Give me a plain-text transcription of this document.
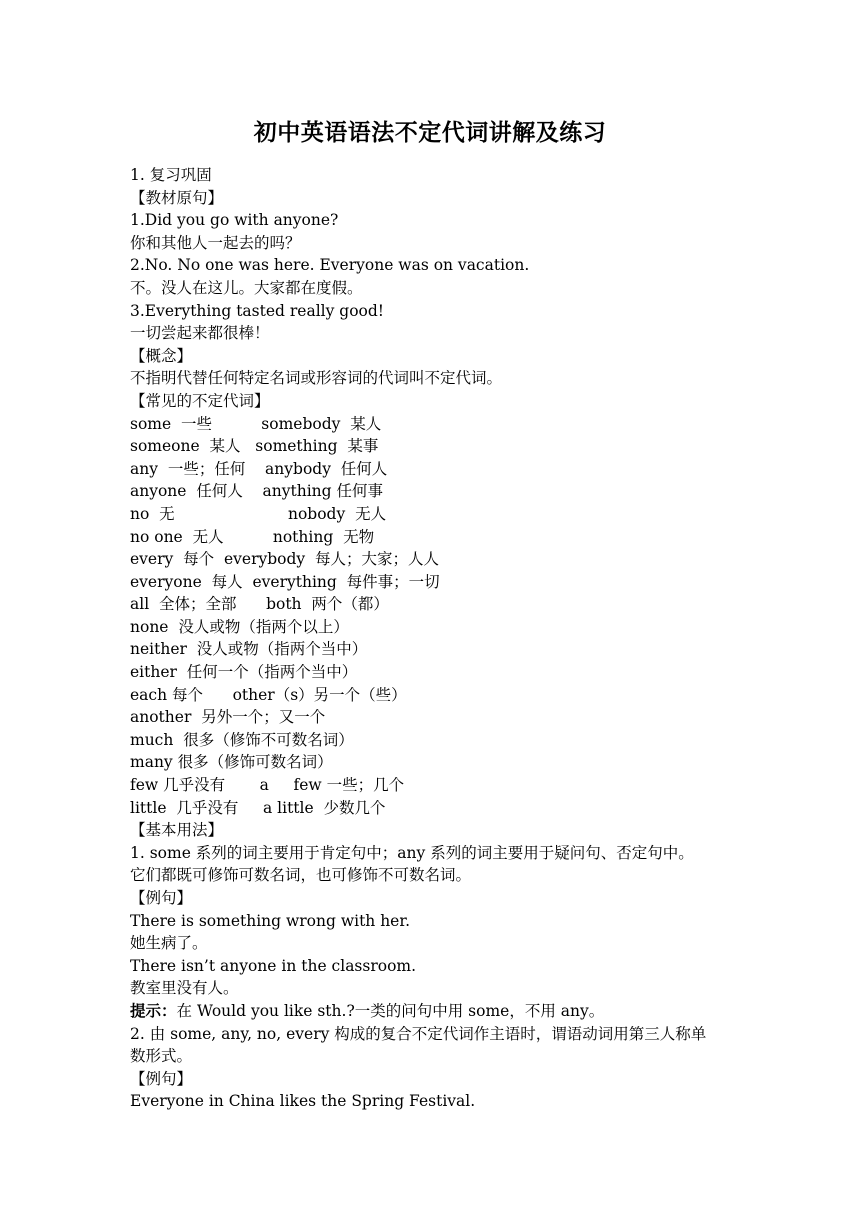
初中英语语法不定代词讲解及练习
1. 复习巩固
【教材原句】
1.Did you go with anyone?
你和其他人一起去的吗？
2.No. No one was here. Everyone was on vacation.
不。没人在这儿。大家都在度假。
3.Everything tasted really good!
一切尝起来都很棒！
【概念】
不指明代替任何特定名词或形容词的代词叫不定代词。
【常见的不定代词】
some  一些          somebody  某人
someone  某人   something  某事
any  一些；任何    anybody  任何人
anyone  任何人    anything 任何事
no  无                       nobody  无人
no one  无人          nothing  无物
every  每个  everybody  每人；大家；人人
everyone  每人  everything  每件事；一切
all  全体；全部      both  两个（都）
none  没人或物（指两个以上）
neither  没人或物（指两个当中）
either  任何一个（指两个当中）
each 每个      other（s）另一个（些）
another  另外一个；又一个
much  很多（修饰不可数名词）
many 很多（修饰可数名词）
few 几乎没有       a     few 一些；几个
little  几乎没有     a little  少数几个
【基本用法】
1. some 系列的词主要用于肯定句中；any 系列的词主要用于疑问句、否定句中。
它们都既可修饰可数名词，也可修饰不可数名词。
【例句】
There is something wrong with her.
她生病了。
There isn’t anyone in the classroom.
教室里没有人。
提示：在 Would you like sth.?一类的问句中用 some，不用 any。
2. 由 some, any, no, every 构成的复合不定代词作主语时，谓语动词用第三人称单
数形式。
【例句】
Everyone in China likes the Spring Festival.
